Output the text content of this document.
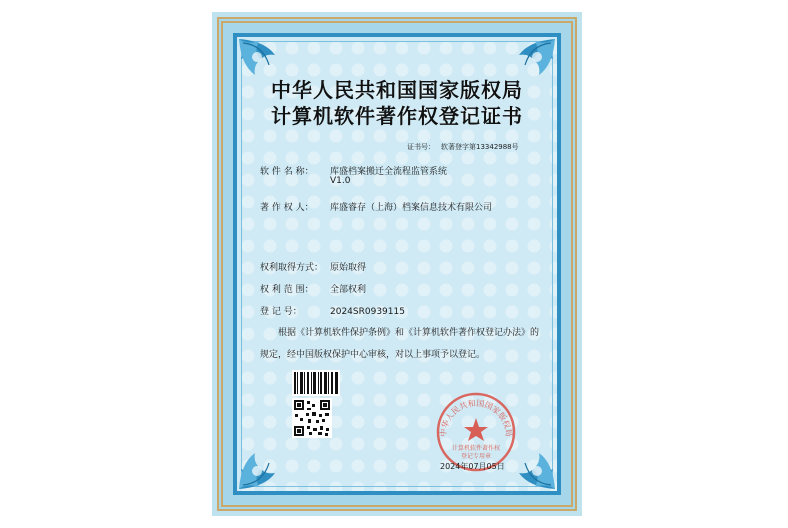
中华人民共和国国家版权局
计算机软件著作权登记证书
证书号： 软著登字第13342988号
软 件 名 称： 库盛档案搬迁全流程监管系统
V1.0
著 作 权 人： 库盛睿存（上海）档案信息技术有限公司
权利取得方式： 原始取得
权 利 范 围： 全部权利
登 记 号：	2024SR0939115
根据《计算机软件保护条例》和《计算机软件著作权登记办法》的
规定，经中国版权保护中心审核，对以上事项予以登记。
中华人民共和国国家版权局
计算机软件著作权
登记专用章
2024年07月05日
